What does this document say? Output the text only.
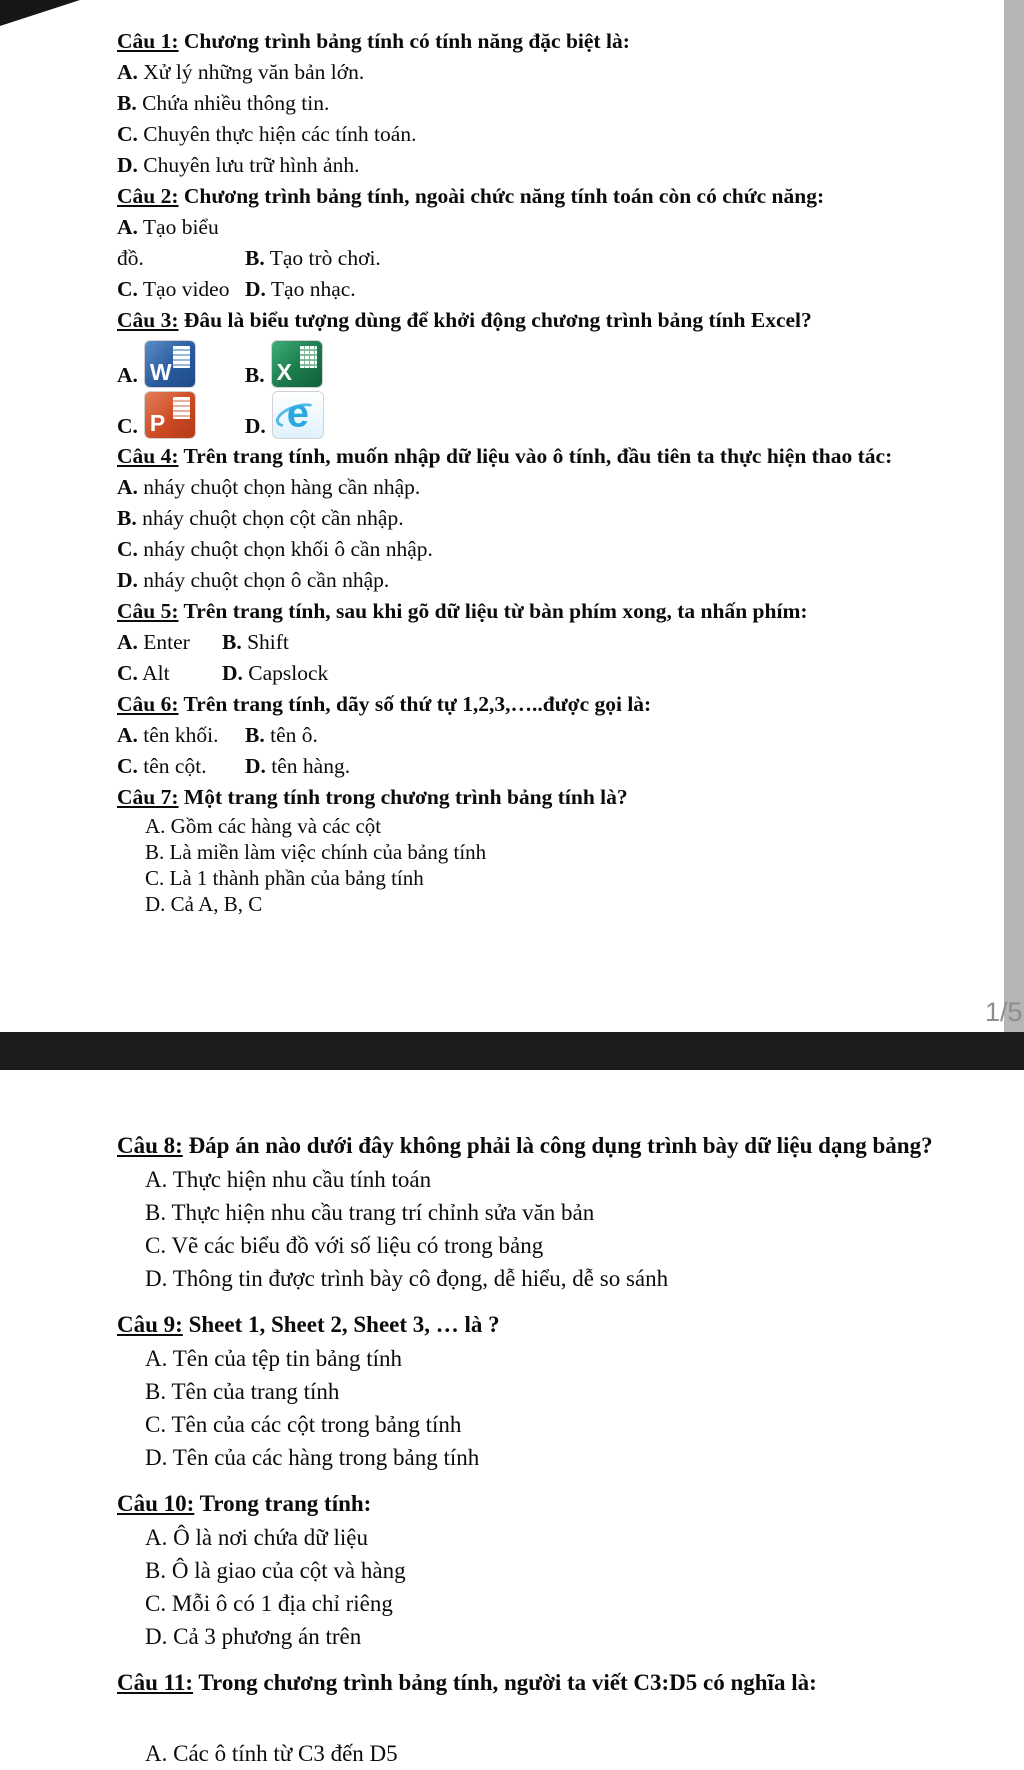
1/5
Câu 1: Chương trình bảng tính có tính năng đặc biệt là:
A. Xử lý những văn bản lớn.
B. Chứa nhiều thông tin.
C. Chuyên thực hiện các tính toán.
D. Chuyên lưu trữ hình ảnh.
Câu 2: Chương trình bảng tính, ngoài chức năng tính toán còn có chức năng:
A. Tạo biểu đồ.	B. Tạo trò chơi.
C. Tạo video D. Tạo nhạc.
Câu 3: Đâu là biểu tượng dùng để khởi động chương trình bảng tính Excel?
A. W	B. X
C. P	D. e
Câu 4: Trên trang tính, muốn nhập dữ liệu vào ô tính, đầu tiên ta thực hiện thao tác:
A. nháy chuột chọn hàng cần nhập.
B. nháy chuột chọn cột cần nhập.
C. nháy chuột chọn khối ô cần nhập.
D. nháy chuột chọn ô cần nhập.
Câu 5: Trên trang tính, sau khi gõ dữ liệu từ bàn phím xong, ta nhấn phím:
A. Enter B. Shift
C. Alt D. Capslock
Câu 6: Trên trang tính, dãy số thứ tự 1,2,3,…..được gọi là:
A. tên khối. B. tên ô.
C. tên cột. D. tên hàng.
Câu 7: Một trang tính trong chương trình bảng tính là?
A. Gồm các hàng và các cột
B. Là miền làm việc chính của bảng tính
C. Là 1 thành phần của bảng tính
D. Cả A, B, C
Câu 8: Đáp án nào dưới đây không phải là công dụng trình bày dữ liệu dạng bảng?
A. Thực hiện nhu cầu tính toán
B. Thực hiện nhu cầu trang trí chỉnh sửa văn bản
C. Vẽ các biểu đồ với số liệu có trong bảng
D. Thông tin được trình bày cô đọng, dễ hiểu, dễ so sánh
Câu 9: Sheet 1, Sheet 2, Sheet 3, … là ?
A. Tên của tệp tin bảng tính
B. Tên của trang tính
C. Tên của các cột trong bảng tính
D. Tên của các hàng trong bảng tính
Câu 10: Trong trang tính:
A. Ô là nơi chứa dữ liệu
B. Ô là giao của cột và hàng
C. Mỗi ô có 1 địa chỉ riêng
D. Cả 3 phương án trên
Câu 11: Trong chương trình bảng tính, người ta viết C3:D5 có nghĩa là:
A. Các ô tính từ C3 đến D5
